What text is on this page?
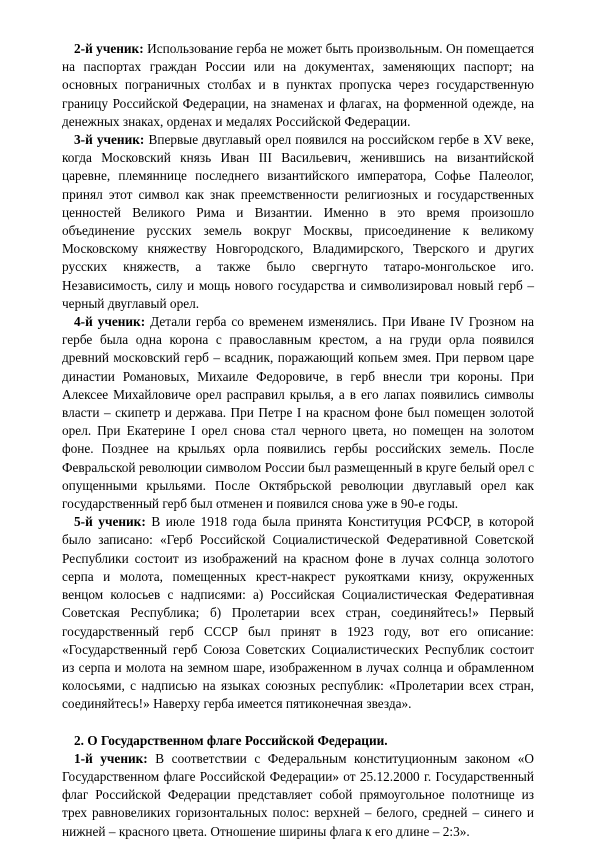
2-й ученик: Использование герба не может быть произвольным. Он помещается на паспортах граждан России или на документах, заменяющих паспорт; на основных пограничных столбах и в пунктах пропуска через государственную границу Российской Федерации, на знаменах и флагах, на форменной одежде, на денежных знаках, орденах и медалях Российской Федерации.

3-й ученик: Впервые двуглавый орел появился на российском гербе в XV веке, когда Московский князь Иван III Васильевич, женившись на византийской царевне, племяннице последнего византийского императора, Софье Палеолог, принял этот символ как знак преемственности религиозных и государственных ценностей Великого Рима и Византии. Именно в это время произошло объединение русских земель вокруг Москвы, присоединение к великому Московскому княжеству Новгородского, Владимирского, Тверского и других русских княжеств, а также было свергнуто татаро-монгольское иго. Независимость, силу и мощь нового государства и символизировал новый герб – черный двуглавый орел.

4-й ученик: Детали герба со временем изменялись. При Иване IV Грозном на гербе была одна корона с православным крестом, а на груди орла появился древний московский герб – всадник, поражающий копьем змея. При первом царе династии Романовых, Михаиле Федоровиче, в герб внесли три короны. При Алексее Михайловиче орел расправил крылья, а в его лапах появились символы власти – скипетр и держава. При Петре I на красном фоне был помещен золотой орел. При Екатерине I орел снова стал черного цвета, но помещен на золотом фоне. Позднее на крыльях орла появились гербы российских земель. После Февральской революции символом России был размещенный в круге белый орел с опущенными крыльями. После Октябрьской революции двуглавый орел как государственный герб был отменен и появился снова уже в 90-е годы.

5-й ученик: В июле 1918 года была принята Конституция РСФСР, в которой было записано: «Герб Российской Социалистической Федеративной Советской Республики состоит из изображений на красном фоне в лучах солнца золотого серпа и молота, помещенных крест-накрест рукоятками книзу, окруженных венцом колосьев с надписями: а) Российская Социалистическая Федеративная Советская Республика; б) Пролетарии всех стран, соединяйтесь!» Первый государственный герб СССР был принят в 1923 году, вот его описание: «Государственный герб Союза Советских Социалистических Республик состоит из серпа и молота на земном шаре, изображенном в лучах солнца и обрамленном колосьями, с надписью на языках союзных республик: «Пролетарии всех стран, соединяйтесь!» Наверху герба имеется пятиконечная звезда».

2. О Государственном флаге Российской Федерации.

1-й ученик: В соответствии с Федеральным конституционным законом «О Государственном флаге Российской Федерации» от 25.12.2000 г. Государственный флаг Российской Федерации представляет собой прямоугольное полотнище из трех равновеликих горизонтальных полос: верхней – белого, средней – синего и нижней – красного цвета. Отношение ширины флага к его длине – 2:3».
